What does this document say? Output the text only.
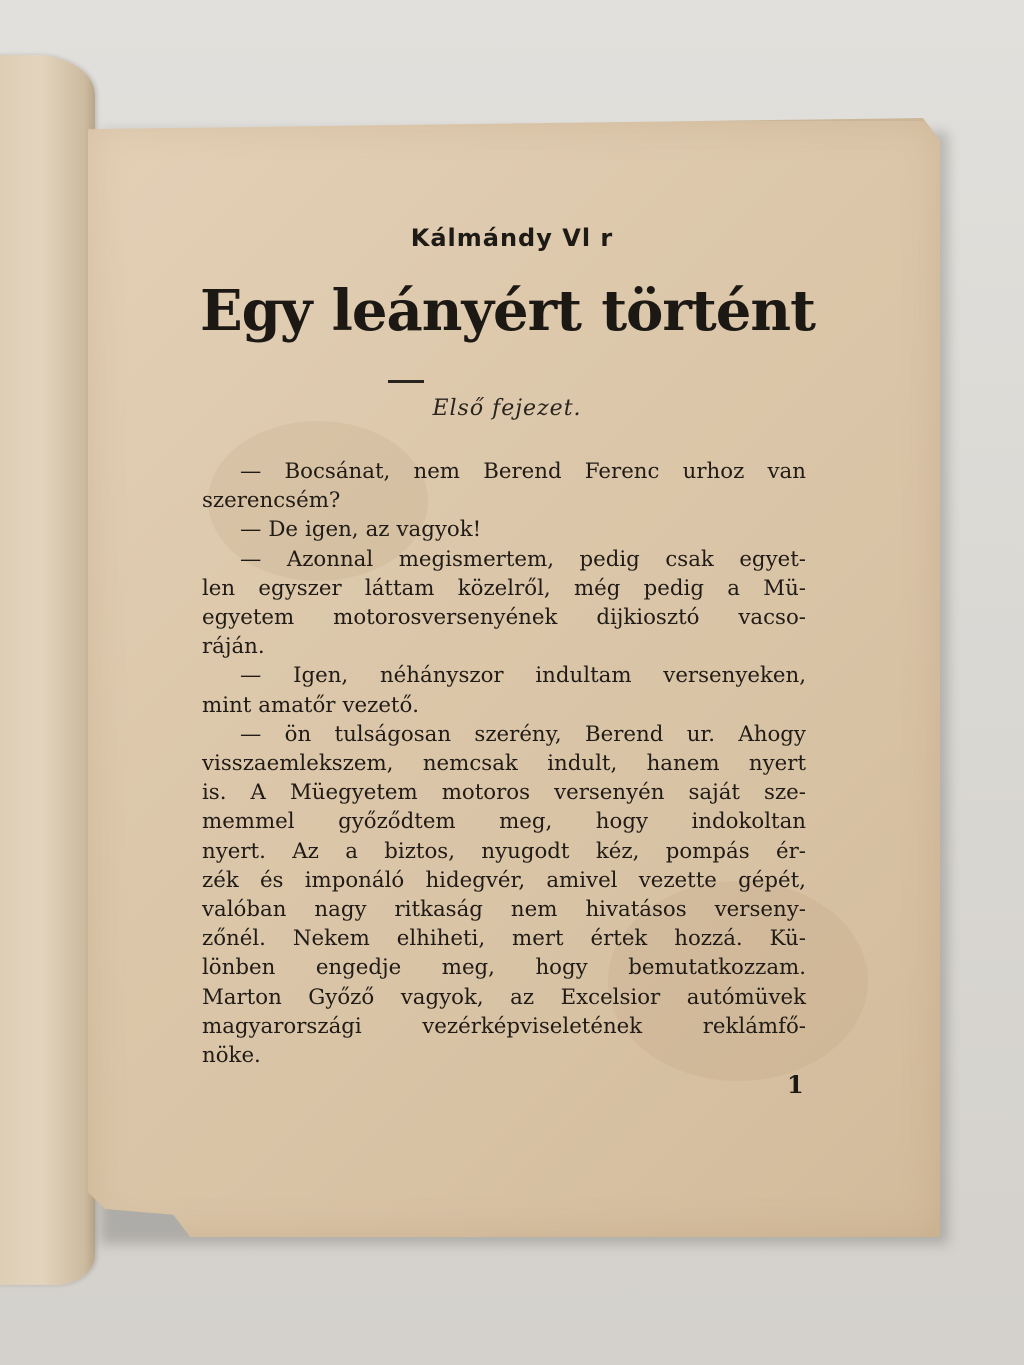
Kálmándy Vl r
Egy leányért történt
Első fejezet.
— Bocsánat, nem Berend Ferenc urhoz van
szerencsém?
— De igen, az vagyok!
— Azonnal megismertem, pedig csak egyet-
len egyszer láttam közelről, még pedig a Mü-
egyetem motorosversenyének dijkiosztó vacso-
ráján.
— Igen, néhányszor indultam versenyeken,
mint amatőr vezető.
— ön tulságosan szerény, Berend ur. Ahogy
visszaemlekszem, nemcsak indult, hanem nyert
is. A Müegyetem motoros versenyén saját sze-
memmel győződtem meg, hogy indokoltan
nyert. Az a biztos, nyugodt kéz, pompás ér-
zék és imponáló hidegvér, amivel vezette gépét,
valóban nagy ritkaság nem hivatásos verseny-
zőnél. Nekem elhiheti, mert értek hozzá. Kü-
lönben engedje meg, hogy bemutatkozzam.
Marton Győző vagyok, az Excelsior autómüvek
magyarországi	vezérképviseletének	reklámfő-
nöke.
1
